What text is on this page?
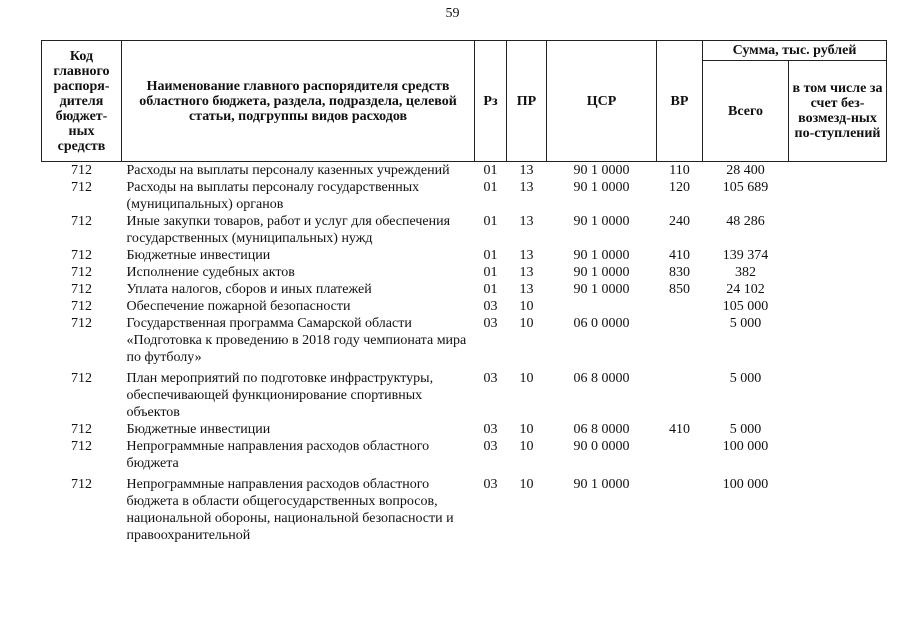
59
Код главного распоря-дителя бюджет-ных средств	Наименование главного распорядителя средств областного бюджета, раздела, подраздела, целевой статьи, подгруппы видов расходов	Рз	ПР	ЦСР	ВР	Сумма, тыс. рублей	
						Всего	в том числе за счет без-возмезд-ных по-ступлений
712	Расходы на выплаты персоналу казенных учреждений	01	13	90 1 0000	110	28 400	
712	Расходы на выплаты персоналу государственных (муниципальных) органов	01	13	90 1 0000	120	105 689	
712	Иные закупки товаров, работ и услуг для обеспечения государственных (муниципальных) нужд	01	13	90 1 0000	240	48 286	
712	Бюджетные инвестиции	01	13	90 1 0000	410	139 374	
712	Исполнение судебных актов	01	13	90 1 0000	830	382	
712	Уплата налогов, сборов и иных платежей	01	13	90 1 0000	850	24 102	
712	Обеспечение пожарной безопасности	03	10			105 000	
712	Государственная программа Самарской области «Подготовка к проведению в 2018 году чемпионата мира по футболу»	03	10	06 0 0000		5 000	
712	План мероприятий по подготовке инфраструктуры, обеспечивающей функционирование спортивных объектов	03	10	06 8 0000		5 000	
712	Бюджетные инвестиции	03	10	06 8 0000	410	5 000	
712	Непрограммные направления расходов областного бюджета	03	10	90 0 0000		100 000	
712	Непрограммные направления расходов областного бюджета в области общегосударственных вопросов, национальной обороны, национальной безопасности и правоохранительной	03	10	90 1 0000		100 000	
